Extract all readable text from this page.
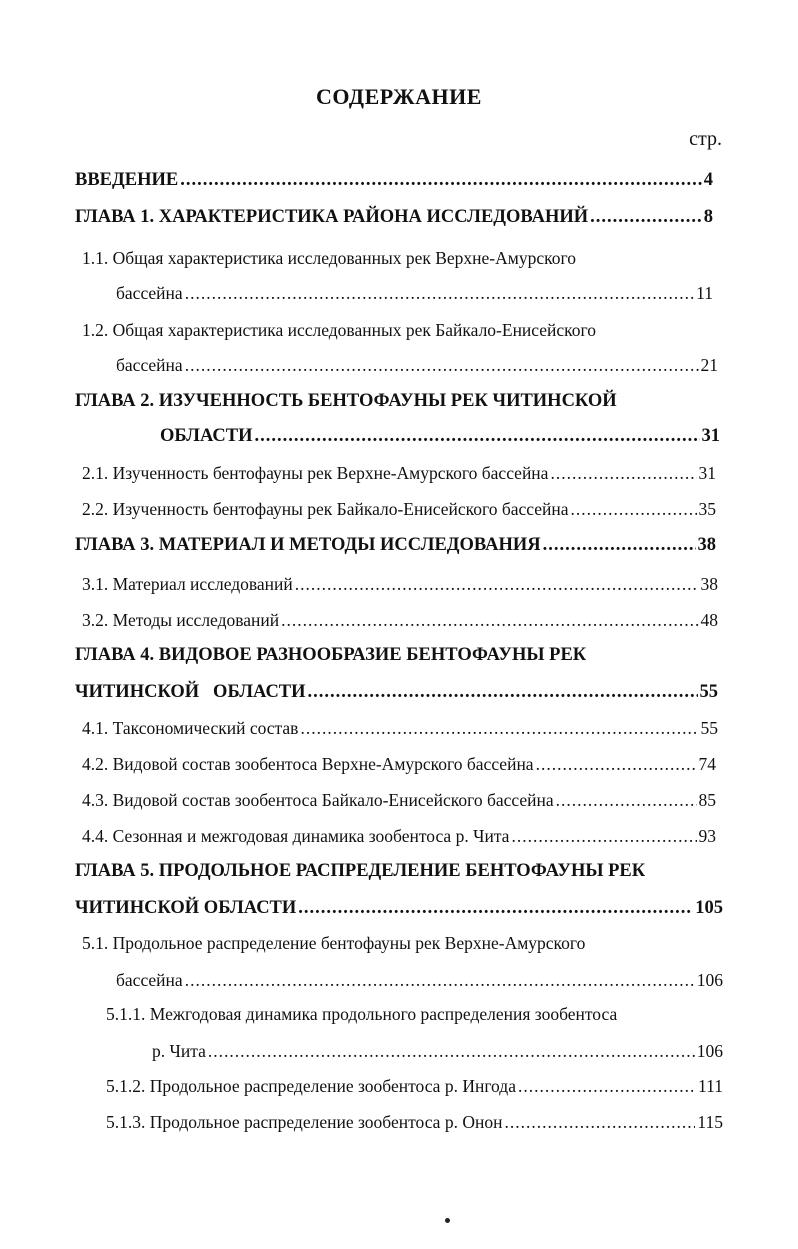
СОДЕРЖАНИЕ
стр.
ВВЕДЕНИЕ .....	4
ГЛАВА 1. ХАРАКТЕРИСТИКА РАЙОНА ИССЛЕДОВАНИЙ .....	8
1.1. Общая характеристика исследованных рек Верхне-Амурского
бассейна .....	11
1.2. Общая характеристика исследованных рек Байкало-Енисейского
бассейна .....	21
ГЛАВА 2. ИЗУЧЕННОСТЬ БЕНТОФАУНЫ РЕК ЧИТИНСКОЙ
ОБЛАСТИ .....	31
2.1. Изученность бентофауны рек Верхне-Амурского бассейна .....	31
2.2. Изученность бентофауны рек Байкало-Енисейского бассейна .....	35
ГЛАВА 3. МАТЕРИАЛ И МЕТОДЫ ИССЛЕДОВАНИЯ .....	38
3.1. Материал исследований .....	38
3.2. Методы исследований .....	48
ГЛАВА 4. ВИДОВОЕ РАЗНООБРАЗИЕ БЕНТОФАУНЫ РЕК
ЧИТИНСКОЙ   ОБЛАСТИ .....	55
4.1. Таксономический состав .....	55
4.2. Видовой состав зообентоса Верхне-Амурского бассейна .....	74
4.3. Видовой состав зообентоса Байкало-Енисейского бассейна .....	85
4.4. Сезонная и межгодовая динамика зообентоса р. Чита .....	93
ГЛАВА 5. ПРОДОЛЬНОЕ РАСПРЕДЕЛЕНИЕ БЕНТОФАУНЫ РЕК
ЧИТИНСКОЙ ОБЛАСТИ .....	105
5.1. Продольное распределение бентофауны рек Верхне-Амурского
бассейна .....	106
5.1.1. Межгодовая динамика продольного распределения зообентоса
р. Чита .....	106
5.1.2. Продольное распределение зообентоса р. Ингода .....	111
5.1.3. Продольное распределение зообентоса р. Онон .....	115
